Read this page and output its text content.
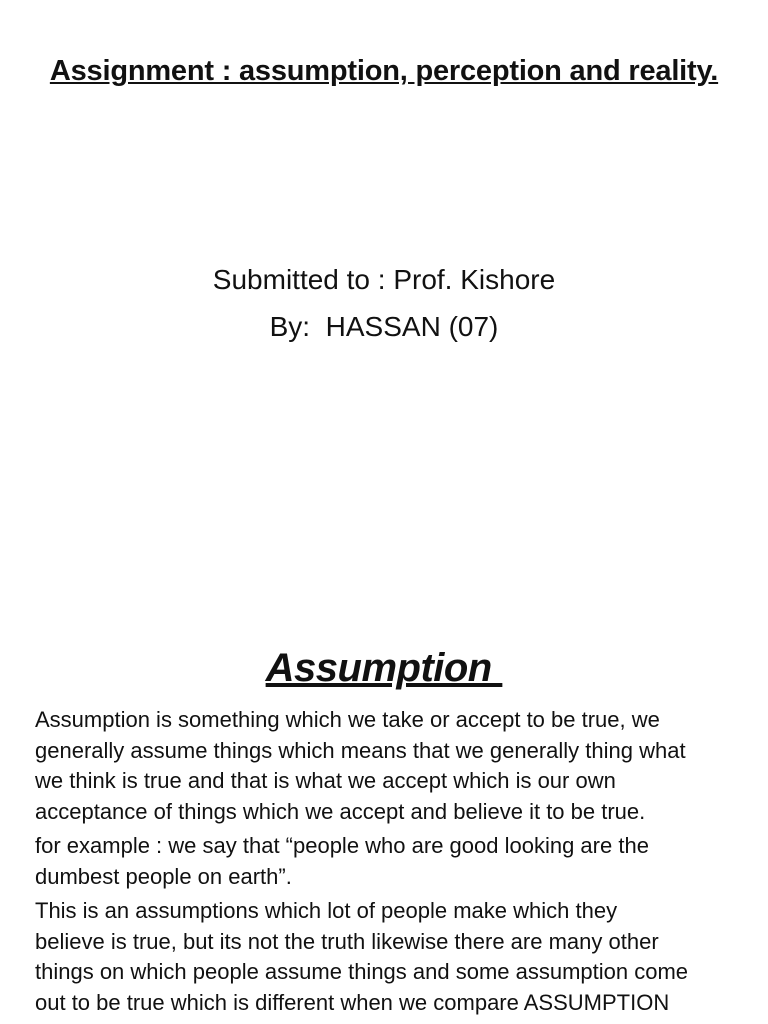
Assignment : assumption, perception and reality.
Submitted to : Prof. Kishore
By:  HASSAN (07)
Assumption

Assumption is something which we take or accept to be true, we
generally assume things which means that we generally thing what
we think is true and that is what we accept which is our own
acceptance of things which we accept and believe it to be true.

for example : we say that “people who are good looking are the
dumbest people on earth”.

This is an assumptions which lot of people make which they
believe is true, but its not the truth likewise there are many other
things on which people assume things and some assumption come
out to be true which is different when we compare ASSUMPTION
